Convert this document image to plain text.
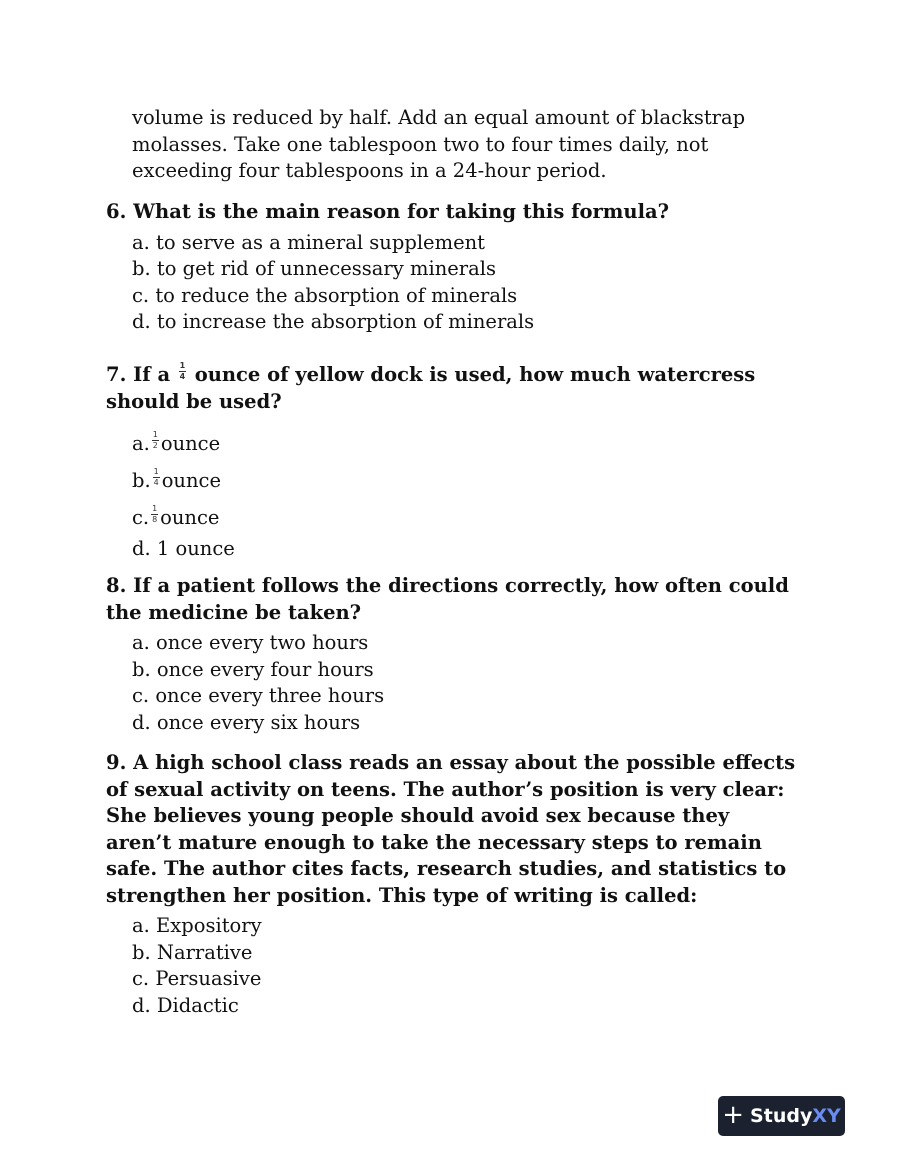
volume is reduced by half. Add an equal amount of blackstrap

molasses. Take one tablespoon two to four times daily, not

exceeding four tablespoons in a 24-hour period.

6. What is the main reason for taking this formula?

a. to serve as a mineral supplement
b. to get rid of unnecessary minerals
c. to reduce the absorption of minerals
d. to increase the absorption of minerals

7. If a $\frac{1}{4}$ ounce of yellow dock is used, how much watercress should be used?

a. $\frac{1}{2}$ ounce
b. $\frac{1}{4}$ ounce
c. $\frac{1}{8}$ ounce
d. 1 ounce

8. If a patient follows the directions correctly, how often could the medicine be taken?

a. once every two hours
b. once every four hours
c. once every three hours
d. once every six hours

9. A high school class reads an essay about the possible effects of sexual activity on teens. The author’s position is very clear: She believes young people should avoid sex because they aren’t mature enough to take the necessary steps to remain safe. The author cites facts, research studies, and statistics to strengthen her position. This type of writing is called:

a. Expository
b. Narrative
c. Persuasive
d. Didactic
+ Study XY
